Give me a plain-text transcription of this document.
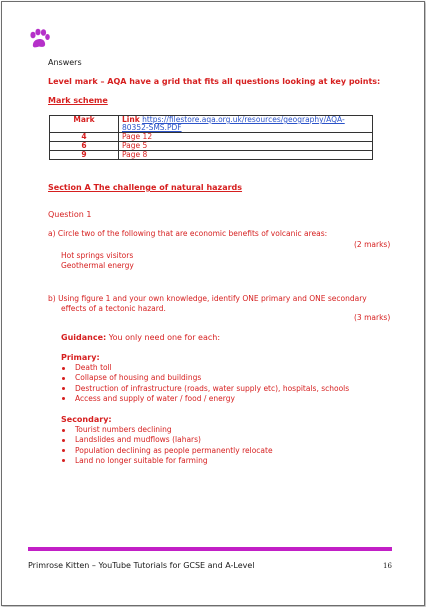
Answers
Level mark – AQA have a grid that fits all questions looking at key points:
Mark scheme
Mark	Link https://filestore.aqa.org.uk/resources/geography/AQA-
80352-SMS.PDF
4	Page 12
6	Page 5
9	Page 8
Section A The challenge of natural hazards
Question 1
a) Circle two of the following that are economic benefits of volcanic areas:
(2 marks)
Hot springs visitors
Geothermal energy
b) Using figure 1 and your own knowledge, identify ONE primary and ONE secondary
effects of a tectonic hazard.
(3 marks)
Guidance: You only need one for each:
Primary:
Death toll
Collapse of housing and buildings
Destruction of infrastructure (roads, water supply etc), hospitals, schools
Access and supply of water / food / energy
Secondary:
Tourist numbers declining
Landslides and mudflows (lahars)
Population declining as people permanently relocate
Land no longer suitable for farming
Primrose Kitten – YouTube Tutorials for GCSE and A-Level	16
